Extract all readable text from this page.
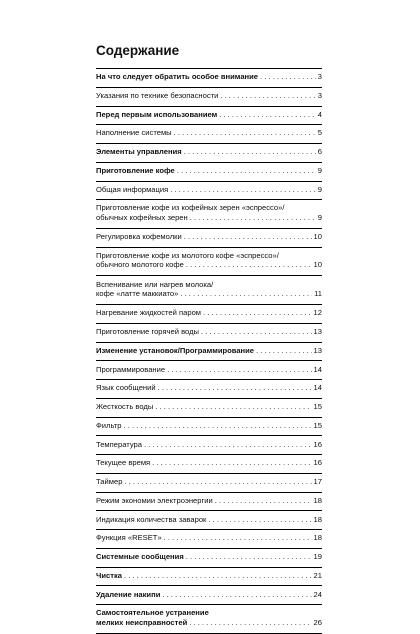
Содержание
На что следует обратить особое внимание . . .	3
Указания по технике безопасности . . .	3
Перед первым использованием . . .	4
Наполнение системы . . .	5
Элементы управления . . .	6
Приготовление кофе . . .	9
Общая информация . . .	9
Приготовление кофе из кофейных зерен «эспрессо»/
обычных кофейных зерен . . .	9
Регулировка кофемолки . . .	10
Приготовление кофе из молотого кофе «эспрессо»/
обычного молотого кофе . . .	10
Вспенивание или нагрев молока/
кофе «латте маккиато» . . .	11
Нагревание жидкостей паром . . .	12
Приготовление горячей воды . . .	13
Изменение установок/Программирование . . .	13
Программирование . . .	14
Язык сообщений . . .	14
Жесткость воды . . .	15
Фильтр . . .	15
Температура . . .	16
Текущее время . . .	16
Таймер . . .	17
Режим экономии электроэнергии . . .	18
Индикация количества заварок . . .	18
Функция «RESET» . . .	18
Системные сообщения . . .	19
Чистка . . .	21
Удаление накипи . . .	24
Самостоятельное устранение
мелких неисправностей . . .	26
